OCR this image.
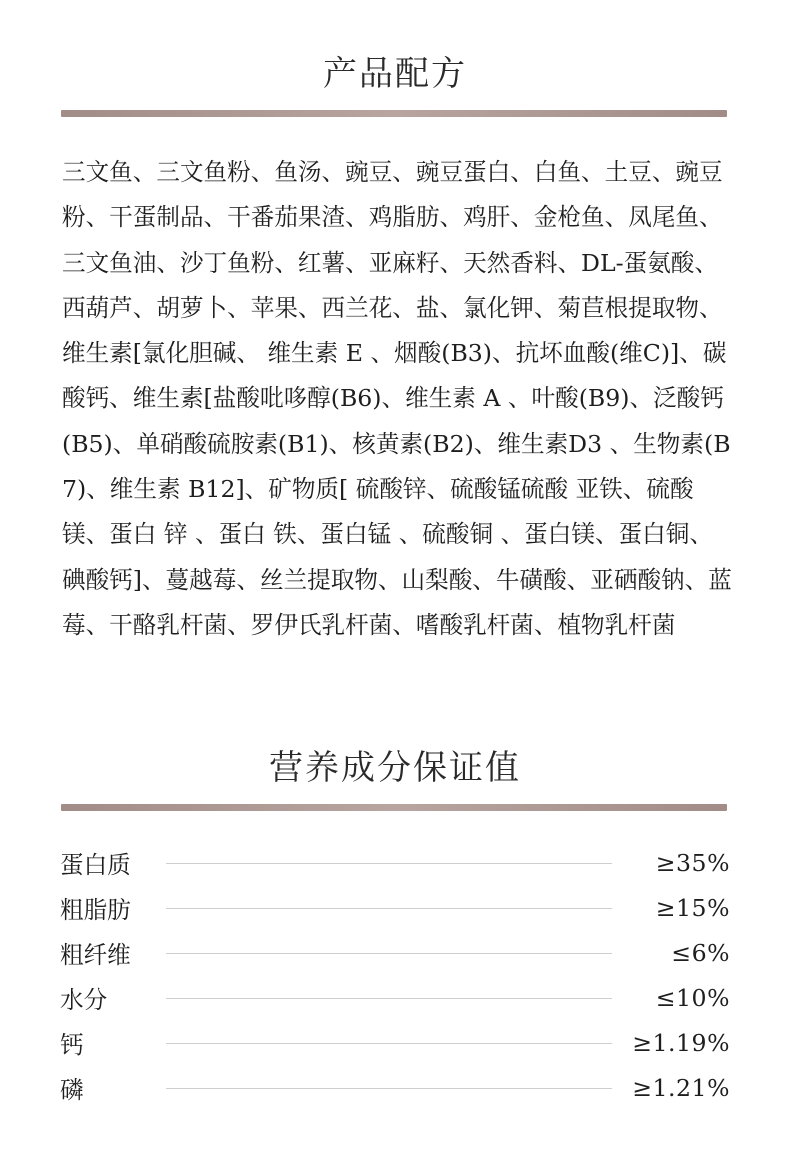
产品配方

三文鱼、三文鱼粉、鱼汤、豌豆、豌豆蛋白、白鱼、土豆、豌豆粉、干蛋制品、干番茄果渣、鸡脂肪、鸡肝、金枪鱼、凤尾鱼、三文鱼油、沙丁鱼粉、红薯、亚麻籽、天然香料、DL-蛋氨酸、西葫芦、胡萝卜、苹果、西兰花、盐、氯化钾、菊苣根提取物、维生素[氯化胆碱、 维生素 E 、烟酸(B3)、抗坏血酸(维C)]、碳酸钙、维生素[盐酸吡哆醇(B6)、维生素 A 、叶酸(B9)、泛酸钙(B5)、单硝酸硫胺素(B1)、核黄素(B2)、维生素D3 、生物素(B7)、维生素 B12]、矿物质[ 硫酸锌、硫酸锰硫酸 亚铁、硫酸镁、蛋白 锌 、蛋白 铁、蛋白锰 、硫酸铜 、蛋白镁、蛋白铜、碘酸钙]、蔓越莓、丝兰提取物、山梨酸、牛磺酸、亚硒酸钠、蓝莓、干酪乳杆菌、罗伊氏乳杆菌、嗜酸乳杆菌、植物乳杆菌

营养成分保证值
蛋白质	≥35%
粗脂肪	≥15%
粗纤维	≤6%
水分	≤10%
钙	≥1.19%
磷	≥1.21%
